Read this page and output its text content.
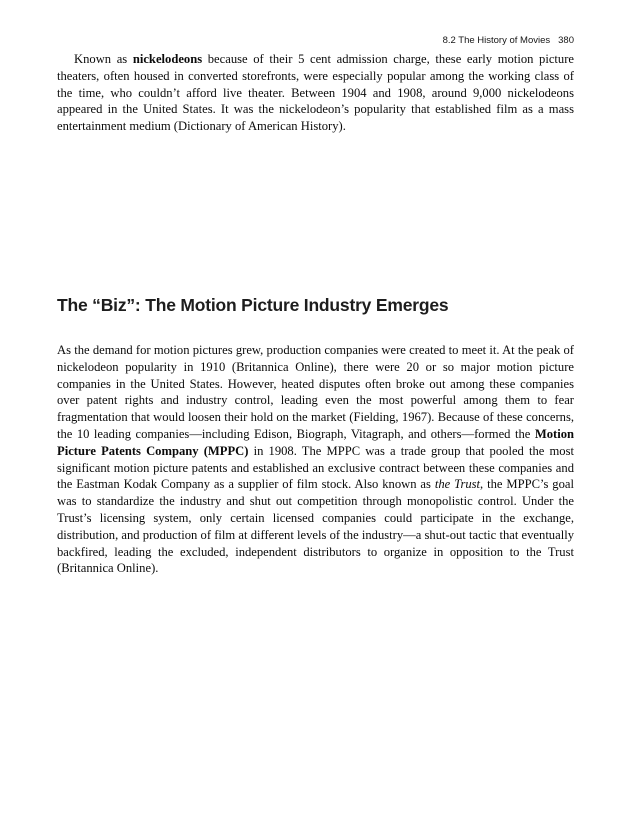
8.2 The History of Movies 380

Known as nickelodeons because of their 5 cent admission charge, these early motion picture theaters, often housed in converted storefronts, were especially popular among the working class of the time, who couldn’t afford live theater. Between 1904 and 1908, around 9,000 nickelodeons appeared in the United States. It was the nickelodeon’s popularity that established film as a mass entertainment medium (Dictionary of American History).

The “Biz”: The Motion Picture Industry Emerges

As the demand for motion pictures grew, production companies were created to meet it. At the peak of nickelodeon popularity in 1910 (Britannica Online), there were 20 or so major motion picture companies in the United States. However, heated disputes often broke out among these companies over patent rights and industry control, leading even the most powerful among them to fear fragmentation that would loosen their hold on the market (Fielding, 1967). Because of these concerns, the 10 leading companies—including Edison, Biograph, Vitagraph, and others—formed the Motion Picture Patents Company (MPPC) in 1908. The MPPC was a trade group that pooled the most significant motion picture patents and established an exclusive contract between these companies and the Eastman Kodak Company as a supplier of film stock. Also known as the Trust, the MPPC’s goal was to standardize the industry and shut out competition through monopolistic control. Under the Trust’s licensing system, only certain licensed companies could participate in the exchange, distribution, and production of film at different levels of the industry—a shut-out tactic that eventually backfired, leading the excluded, independent distributors to organize in opposition to the Trust (Britannica Online).
